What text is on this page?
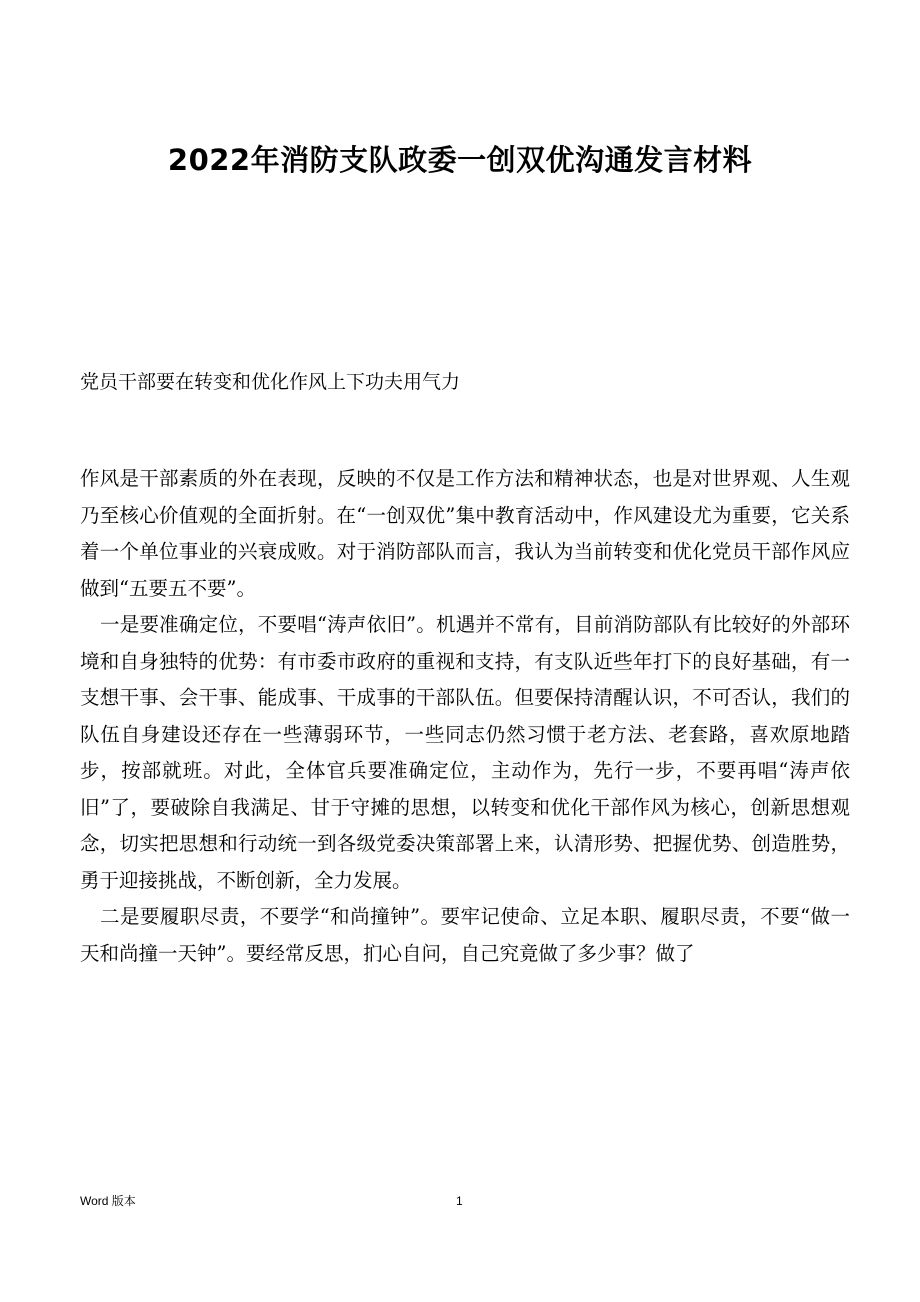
2022年消防支队政委一创双优沟通发言材料

党员干部要在转变和优化作风上下功夫用气力

作风是干部素质的外在表现，反映的不仅是工作方法和精神状态，也是对世界观、人生观乃至核心价值观的全面折射。在“一创双优”集中教育活动中，作风建设尤为重要，它关系着一个单位事业的兴衰成败。对于消防部队而言，我认为当前转变和优化党员干部作风应做到“五要五不要”。

一是要准确定位，不要唱“涛声依旧”。机遇并不常有，目前消防部队有比较好的外部环境和自身独特的优势：有市委市政府的重视和支持，有支队近些年打下的良好基础，有一支想干事、会干事、能成事、干成事的干部队伍。但要保持清醒认识，不可否认，我们的队伍自身建设还存在一些薄弱环节，一些同志仍然习惯于老方法、老套路，喜欢原地踏步，按部就班。对此，全体官兵要准确定位，主动作为，先行一步，不要再唱“涛声依旧”了，要破除自我满足、甘于守摊的思想，以转变和优化干部作风为核心，创新思想观念，切实把思想和行动统一到各级党委决策部署上来，认清形势、把握优势、创造胜势，勇于迎接挑战，不断创新，全力发展。

二是要履职尽责，不要学“和尚撞钟”。要牢记使命、立足本职、履职尽责，不要“做一天和尚撞一天钟”。要经常反思，扪心自问，自己究竟做了多少事？做了

Word 版本	1
